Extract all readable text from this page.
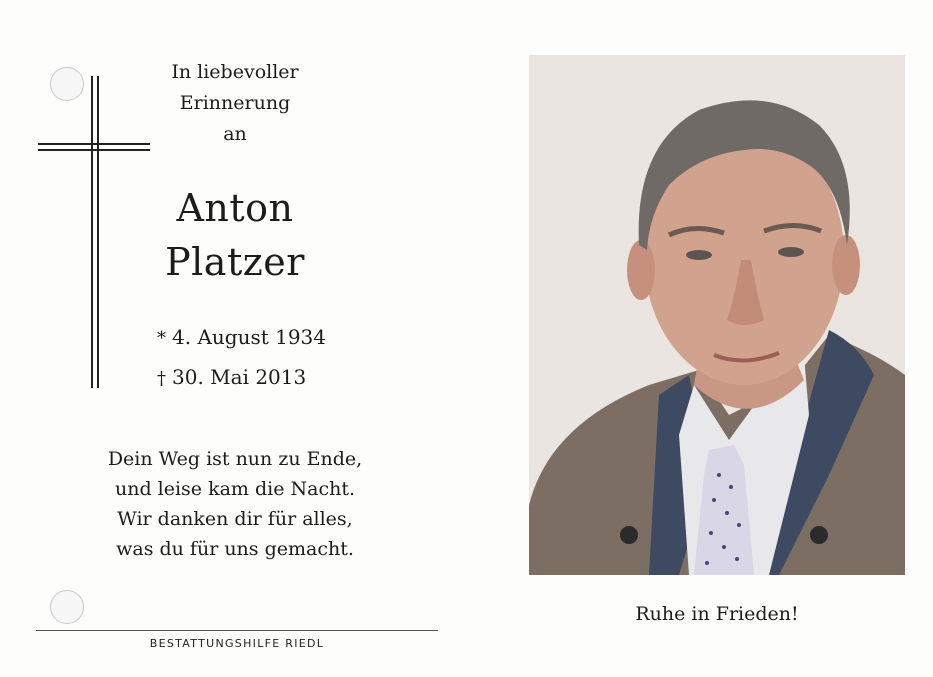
In liebevoller
Erinnerung
an
Anton
Platzer
* 4. August 1934
† 30. Mai 2013
Dein Weg ist nun zu Ende,
und leise kam die Nacht.
Wir danken dir für alles,
was du für uns gemacht.
BESTATTUNGSHILFE RIEDL
Ruhe in Frieden!
